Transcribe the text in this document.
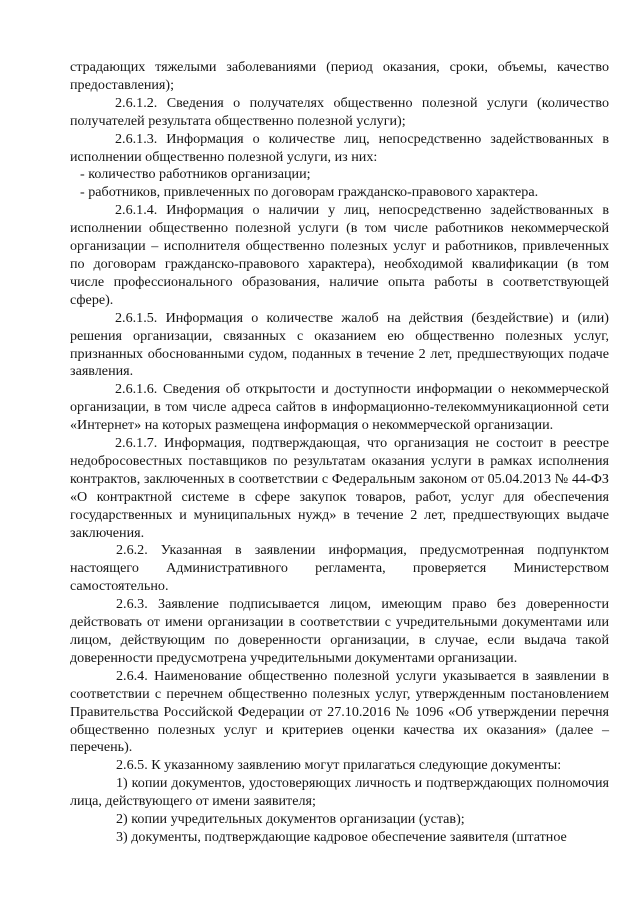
страдающих тяжелыми заболеваниями (период оказания, сроки, объемы, качество предоставления);

2.6.1.2. Сведения о получателях общественно полезной услуги (количество получателей результата общественно полезной услуги);

2.6.1.3. Информация о количестве лиц, непосредственно задействованных в исполнении общественно полезной услуги, из них:

- количество работников организации;

- работников, привлеченных по договорам гражданско-правового характера.

2.6.1.4. Информация о наличии у лиц, непосредственно задействованных в исполнении общественно полезной услуги (в том числе работников некоммерческой организации – исполнителя общественно полезных услуг и работников, привлеченных по договорам гражданско-правового характера), необходимой квалификации (в том числе профессионального образования, наличие опыта работы в соответствующей сфере).

2.6.1.5. Информация о количестве жалоб на действия (бездействие) и (или) решения организации, связанных с оказанием ею общественно полезных услуг, признанных обоснованными судом, поданных в течение 2 лет, предшествующих подаче заявления.

2.6.1.6. Сведения об открытости и доступности информации о некоммерческой организации, в том числе адреса сайтов в информационно-телекоммуникационной сети «Интернет» на которых размещена информация о некоммерческой организации.

2.6.1.7. Информация, подтверждающая, что организация не состоит в реестре недобросовестных поставщиков по результатам оказания услуги в рамках исполнения контрактов, заключенных в соответствии с Федеральным законом от 05.04.2013 № 44-ФЗ «О контрактной системе в сфере закупок товаров, работ, услуг для обеспечения государственных и муниципальных нужд» в течение 2 лет, предшествующих выдаче заключения.

2.6.2. Указанная в заявлении информация, предусмотренная подпунктом настоящего Административного регламента, проверяется Министерством самостоятельно.

2.6.3. Заявление подписывается лицом, имеющим право без доверенности действовать от имени организации в соответствии с учредительными документами или лицом, действующим по доверенности организации, в случае, если выдача такой доверенности предусмотрена учредительными документами организации.

2.6.4. Наименование общественно полезной услуги указывается в заявлении в соответствии с перечнем общественно полезных услуг, утвержденным постановлением Правительства Российской Федерации от 27.10.2016 № 1096 «Об утверждении перечня общественно полезных услуг и критериев оценки качества их оказания» (далее – перечень).

2.6.5. К указанному заявлению могут прилагаться следующие документы:

1) копии документов, удостоверяющих личность и подтверждающих полномочия лица, действующего от имени заявителя;

2) копии учредительных документов организации (устав);

3) документы, подтверждающие кадровое обеспечение заявителя (штатное
